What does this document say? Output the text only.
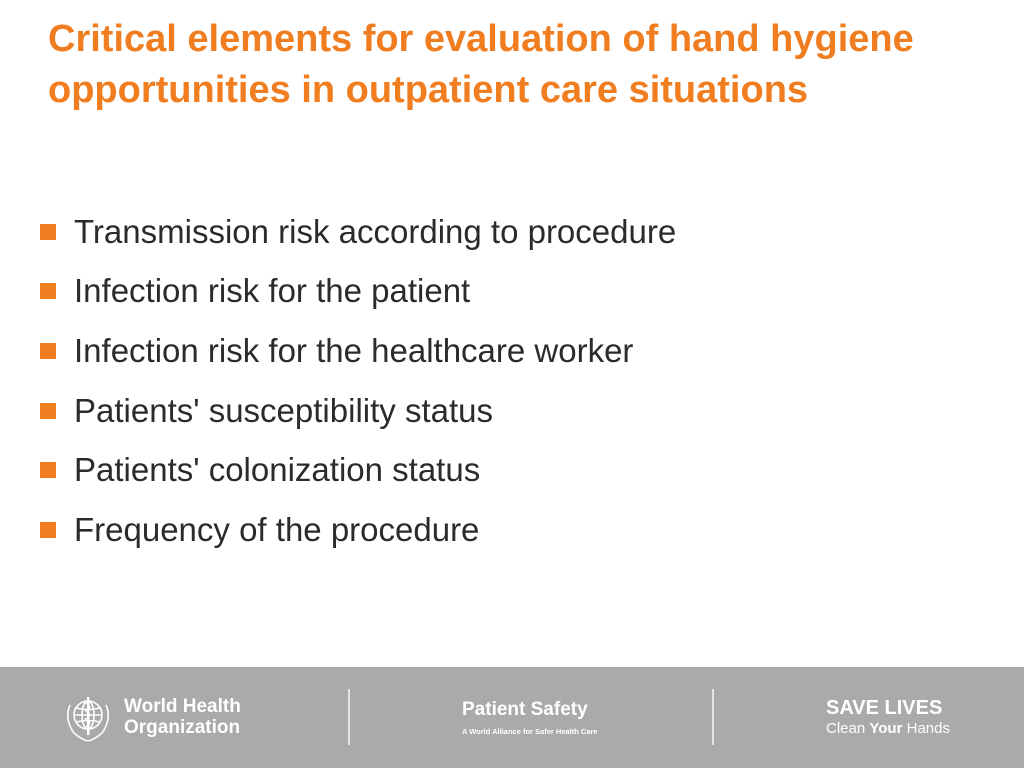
Critical elements for evaluation of hand hygiene opportunities in outpatient care situations
Transmission risk according to procedure
Infection risk for the patient
Infection risk for the healthcare worker
Patients' susceptibility status
Patients' colonization status
Frequency of the procedure
World Health
Organization
Patient Safety
A World Alliance for Safer Health Care
SAVE LIVES
Clean Your Hands
